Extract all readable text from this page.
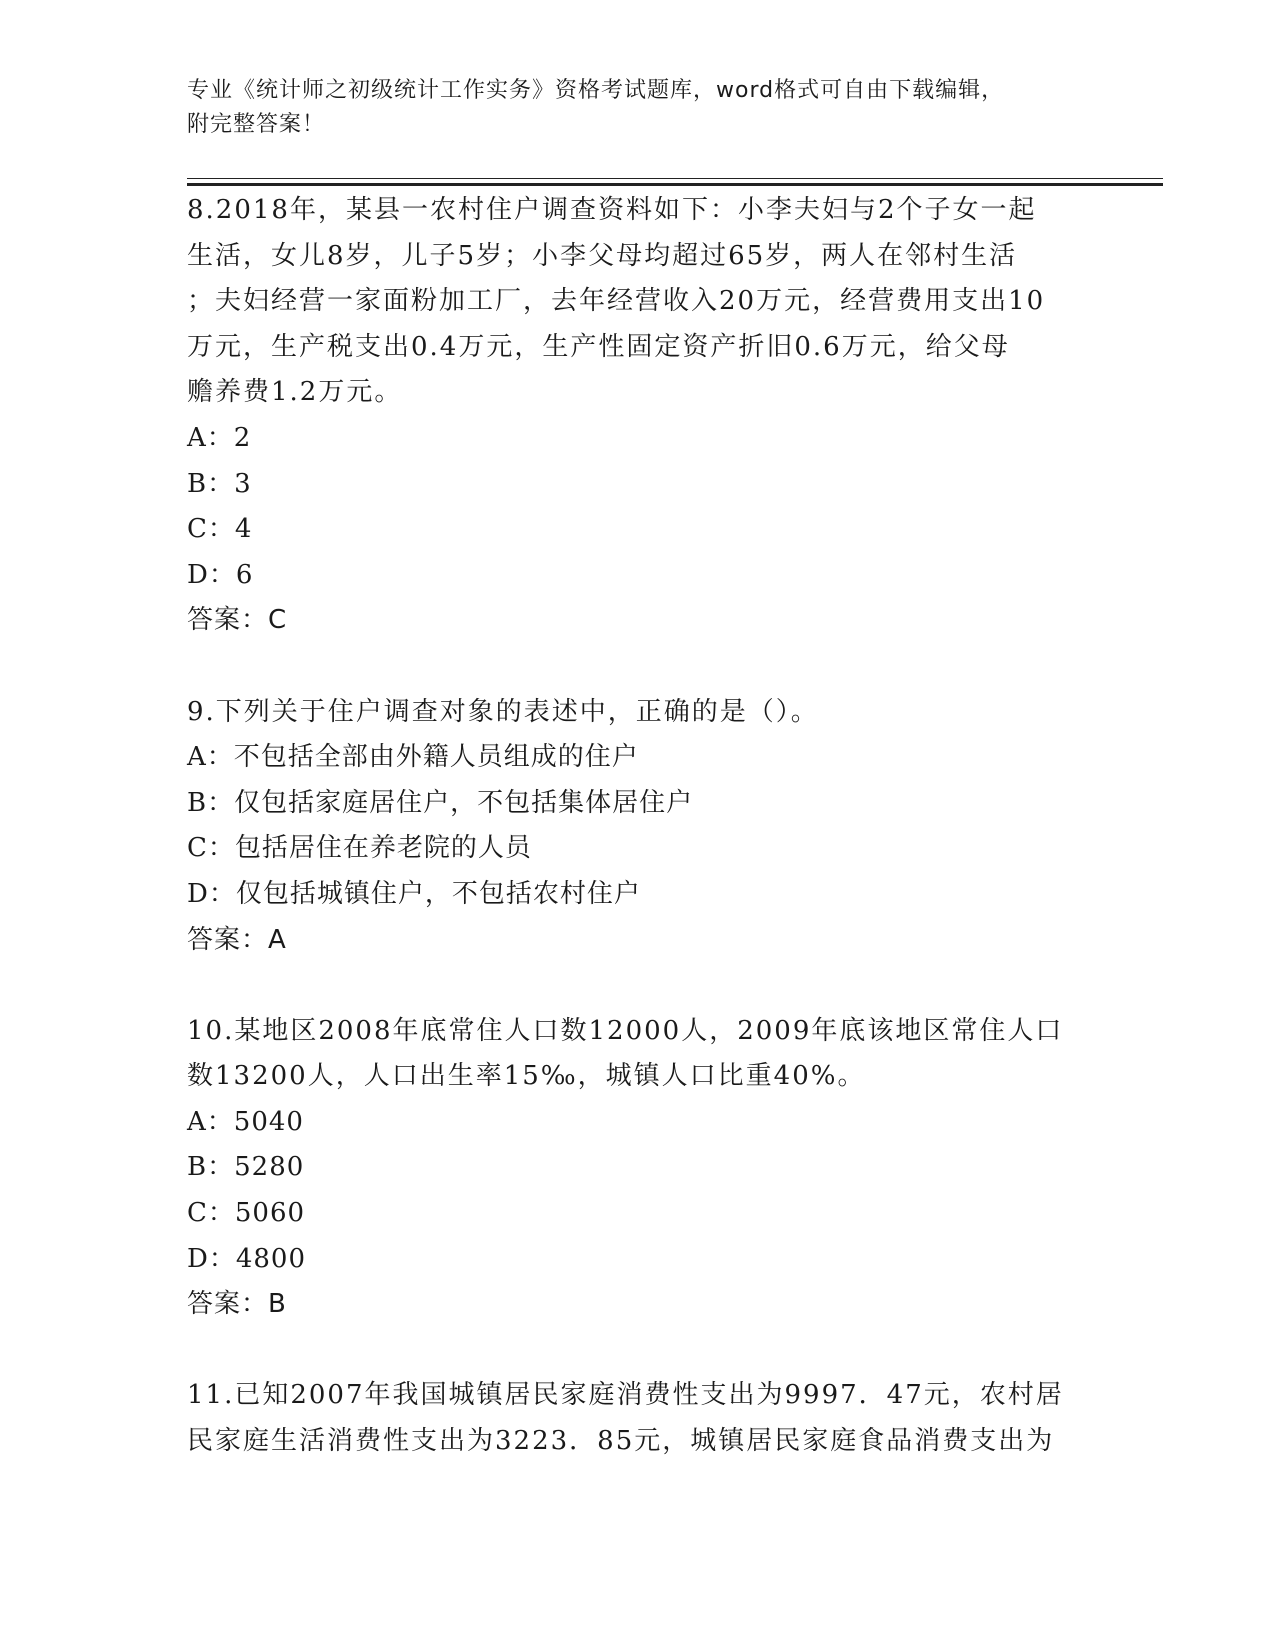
专业《统计师之初级统计工作实务》资格考试题库，word格式可自由下载编辑，
附完整答案！
8.2018年，某县一农村住户调查资料如下：小李夫妇与2个子女一起
生活，女儿8岁，儿子5岁；小李父母均超过65岁，两人在邻村生活
；夫妇经营一家面粉加工厂，去年经营收入20万元，经营费用支出10
万元，生产税支出0.4万元，生产性固定资产折旧0.6万元，给父母
赡养费1.2万元。
A：2
B：3
C：4
D：6
答案：C
9.下列关于住户调查对象的表述中，正确的是（）。
A：不包括全部由外籍人员组成的住户
B：仅包括家庭居住户，不包括集体居住户
C：包括居住在养老院的人员
D：仅包括城镇住户，不包括农村住户
答案：A
10.某地区2008年底常住人口数12000人，2009年底该地区常住人口
数13200人，人口出生率15‰，城镇人口比重40%。
A：5040
B：5280
C：5060
D：4800
答案：B
11.已知2007年我国城镇居民家庭消费性支出为9997．47元，农村居
民家庭生活消费性支出为3223．85元，城镇居民家庭食品消费支出为
